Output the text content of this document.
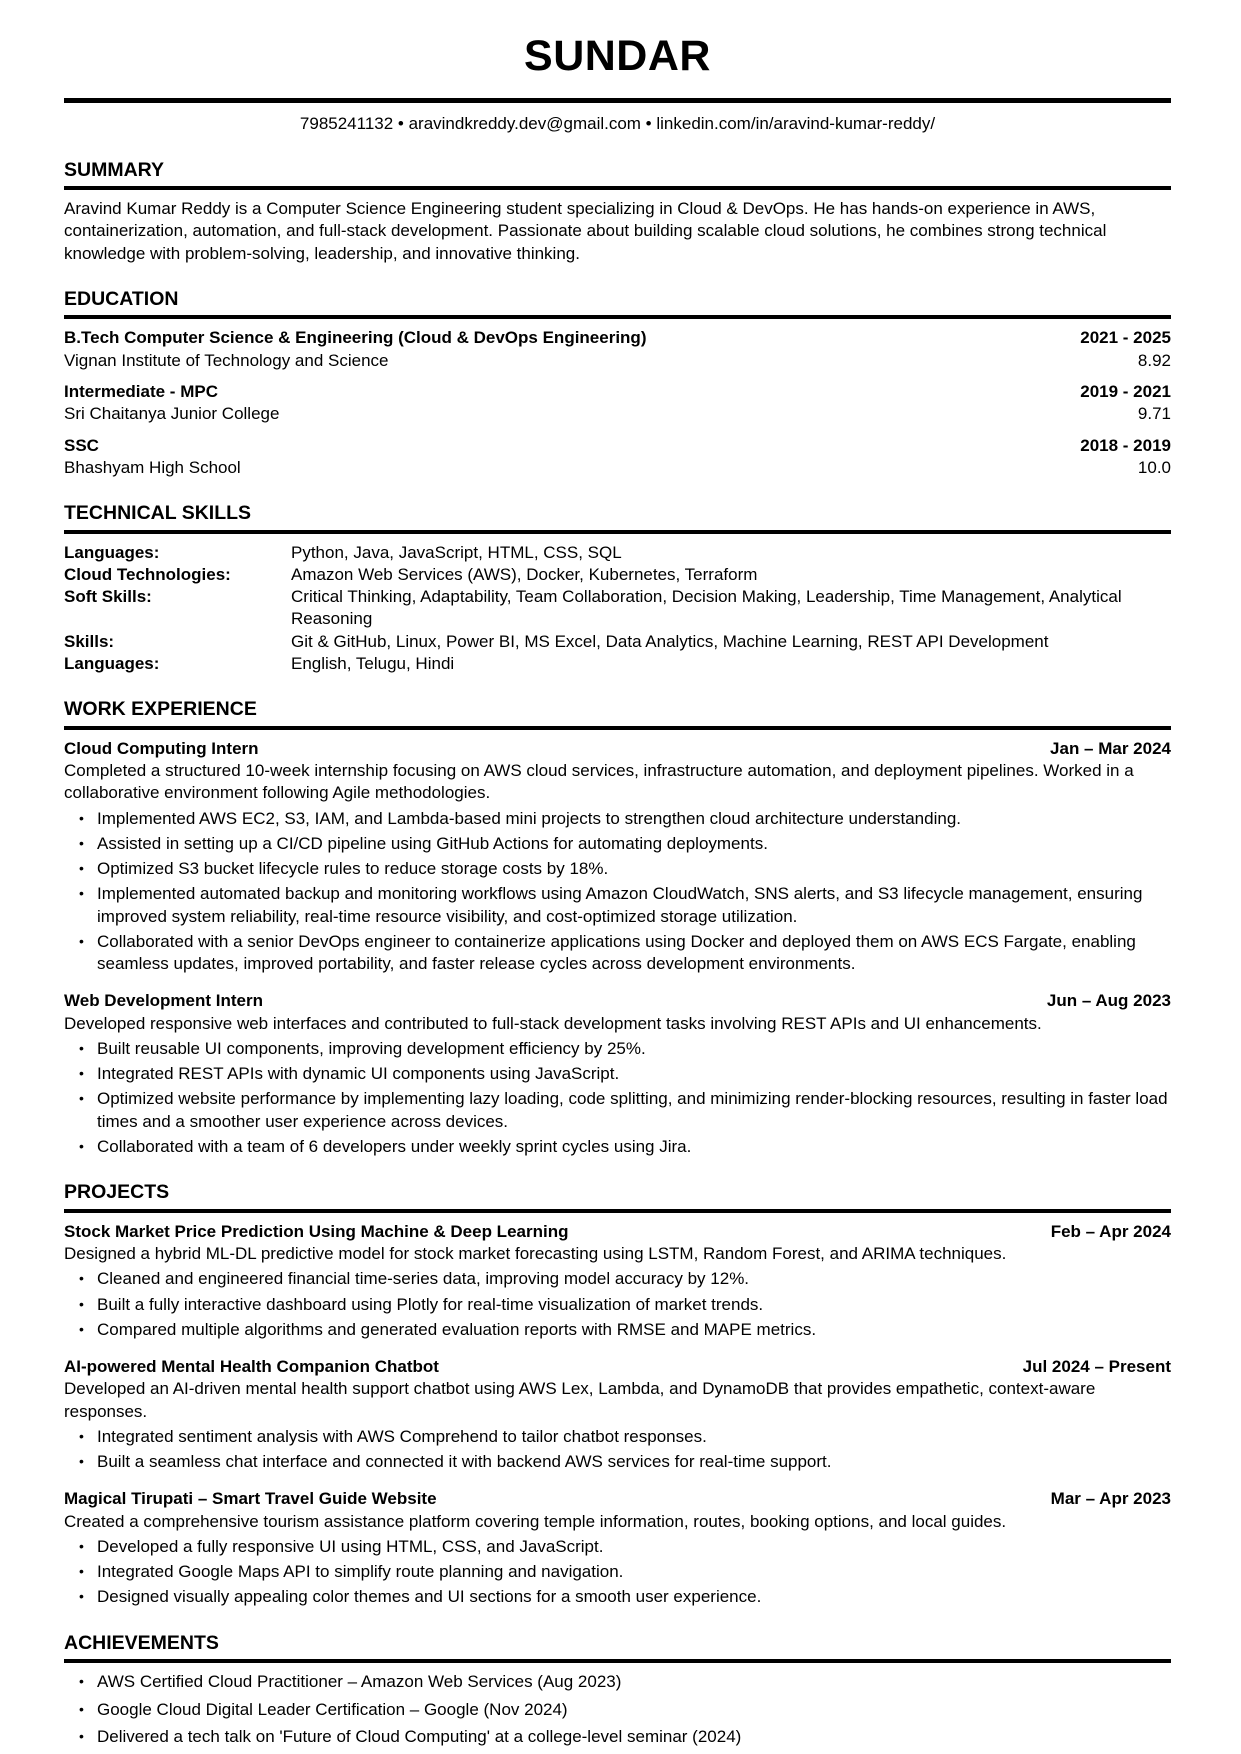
SUNDAR
7985241132 • aravindkreddy.dev@gmail.com • linkedin.com/in/aravind-kumar-reddy/
SUMMARY

Aravind Kumar Reddy is a Computer Science Engineering student specializing in Cloud & DevOps. He has hands-on experience in AWS, containerization, automation, and full-stack development. Passionate about building scalable cloud solutions, he combines strong technical knowledge with problem-solving, leadership, and innovative thinking.

EDUCATION
B.Tech Computer Science & Engineering (Cloud & DevOps Engineering)	2021 - 2025
Vignan Institute of Technology and Science	8.92
Intermediate - MPC	2019 - 2021
Sri Chaitanya Junior College	9.71
SSC	2018 - 2019
Bhashyam High School	10.0
TECHNICAL SKILLS
Languages:	Python, Java, JavaScript, HTML, CSS, SQL
Cloud Technologies:	Amazon Web Services (AWS), Docker, Kubernetes, Terraform
Soft Skills:	Critical Thinking, Adaptability, Team Collaboration, Decision Making, Leadership, Time Management, Analytical Reasoning
Skills:	Git & GitHub, Linux, Power BI, MS Excel, Data Analytics, Machine Learning, REST API Development
Languages:	English, Telugu, Hindi
WORK EXPERIENCE
Cloud Computing Intern	Jan – Mar 2024

Completed a structured 10-week internship focusing on AWS cloud services, infrastructure automation, and deployment pipelines. Worked in a collaborative environment following Agile methodologies.

• Implemented AWS EC2, S3, IAM, and Lambda-based mini projects to strengthen cloud architecture understanding.
• Assisted in setting up a CI/CD pipeline using GitHub Actions for automating deployments.
• Optimized S3 bucket lifecycle rules to reduce storage costs by 18%.
• Implemented automated backup and monitoring workflows using Amazon CloudWatch, SNS alerts, and S3 lifecycle management, ensuring improved system reliability, real-time resource visibility, and cost-optimized storage utilization.
• Collaborated with a senior DevOps engineer to containerize applications using Docker and deployed them on AWS ECS Fargate, enabling seamless updates, improved portability, and faster release cycles across development environments.
Web Development Intern	Jun – Aug 2023

Developed responsive web interfaces and contributed to full-stack development tasks involving REST APIs and UI enhancements.

• Built reusable UI components, improving development efficiency by 25%.
• Integrated REST APIs with dynamic UI components using JavaScript.
• Optimized website performance by implementing lazy loading, code splitting, and minimizing render-blocking resources, resulting in faster load times and a smoother user experience across devices.
• Collaborated with a team of 6 developers under weekly sprint cycles using Jira.
PROJECTS
Stock Market Price Prediction Using Machine & Deep Learning	Feb – Apr 2024

Designed a hybrid ML-DL predictive model for stock market forecasting using LSTM, Random Forest, and ARIMA techniques.

• Cleaned and engineered financial time-series data, improving model accuracy by 12%.
• Built a fully interactive dashboard using Plotly for real-time visualization of market trends.
• Compared multiple algorithms and generated evaluation reports with RMSE and MAPE metrics.
AI-powered Mental Health Companion Chatbot	Jul 2024 – Present

Developed an AI-driven mental health support chatbot using AWS Lex, Lambda, and DynamoDB that provides empathetic, context-aware responses.

• Integrated sentiment analysis with AWS Comprehend to tailor chatbot responses.
• Built a seamless chat interface and connected it with backend AWS services for real-time support.
Magical Tirupati – Smart Travel Guide Website	Mar – Apr 2023

Created a comprehensive tourism assistance platform covering temple information, routes, booking options, and local guides.

• Developed a fully responsive UI using HTML, CSS, and JavaScript.
• Integrated Google Maps API to simplify route planning and navigation.
• Designed visually appealing color themes and UI sections for a smooth user experience.
ACHIEVEMENTS
• AWS Certified Cloud Practitioner – Amazon Web Services (Aug 2023)
• Google Cloud Digital Leader Certification – Google (Nov 2024)
• Delivered a tech talk on 'Future of Cloud Computing' at a college-level seminar (2024)
